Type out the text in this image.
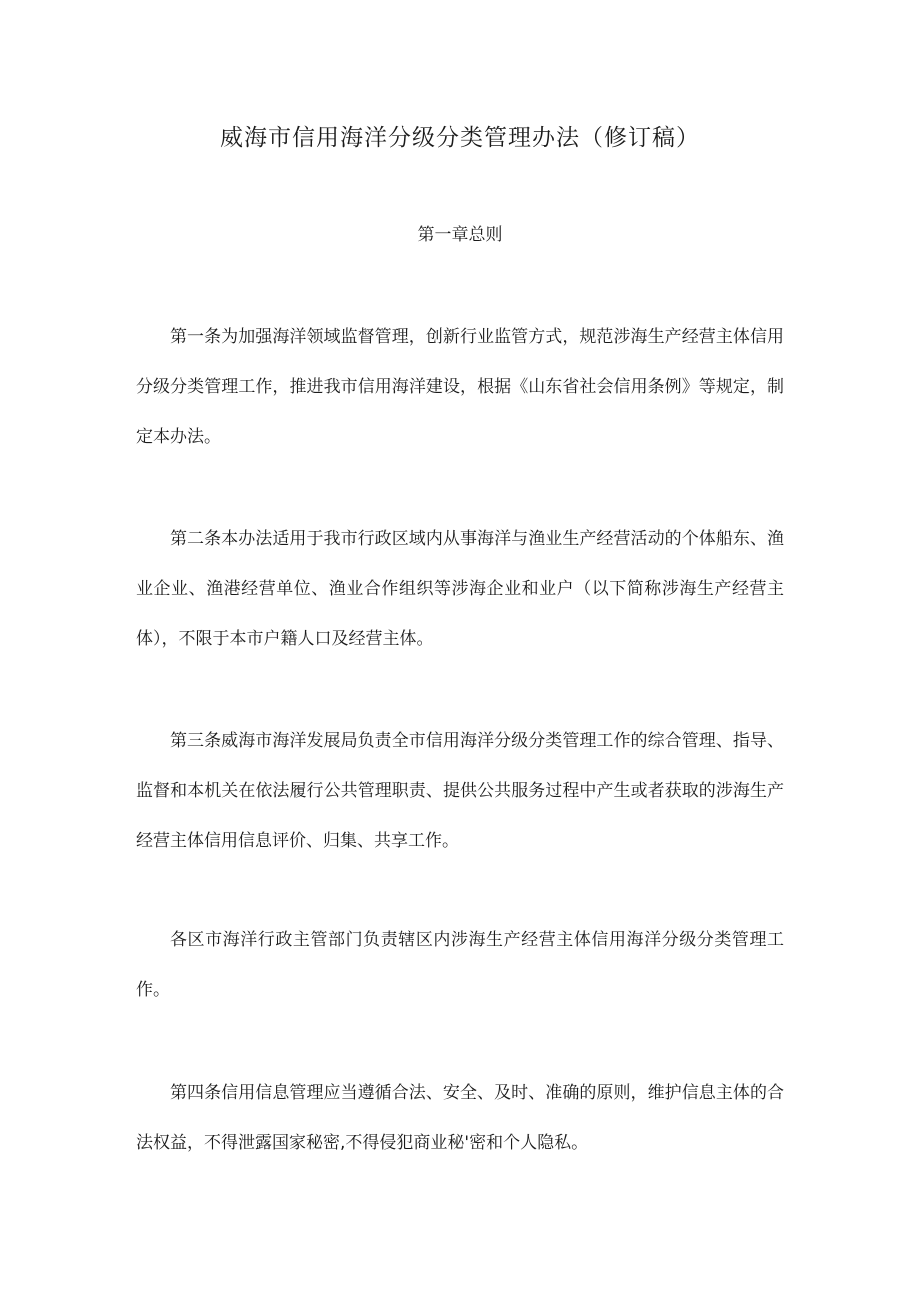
威海市信用海洋分级分类管理办法（修订稿）
第一章总则

第一条为加强海洋领域监督管理，创新行业监管方式，规范涉海生产经营主体信用分级分类管理工作，推进我市信用海洋建设，根据《山东省社会信用条例》等规定，制定本办法。

第二条本办法适用于我市行政区域内从事海洋与渔业生产经营活动的个体船东、渔业企业、渔港经营单位、渔业合作组织等涉海企业和业户（以下简称涉海生产经营主体），不限于本市户籍人口及经营主体。

第三条威海市海洋发展局负责全市信用海洋分级分类管理工作的综合管理、指导、监督和本机关在依法履行公共管理职责、提供公共服务过程中产生或者获取的涉海生产经营主体信用信息评价、归集、共享工作。

各区市海洋行政主管部门负责辖区内涉海生产经营主体信用海洋分级分类管理工作。

第四条信用信息管理应当遵循合法、安全、及时、准确的原则，维护信息主体的合法权益，不得泄露国家秘密,不得侵犯商业秘'密和个人隐私。
